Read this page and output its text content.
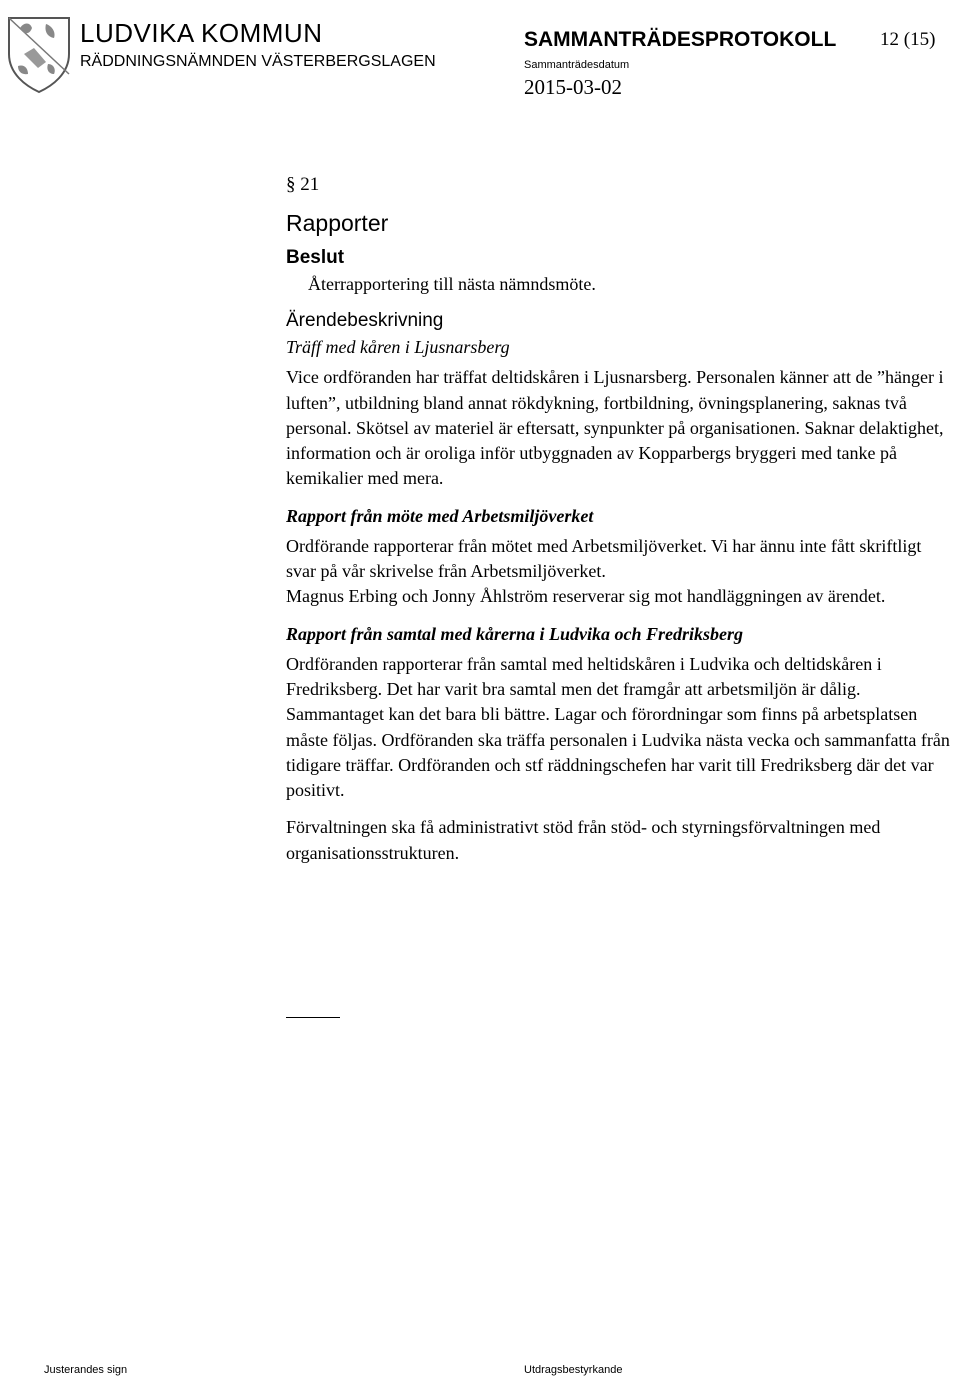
LUDVIKA KOMMUN
RÄDDNINGSNÄMNDEN VÄSTERBERGSLAGEN
SAMMANTRÄDESPROTOKOLL 12 (15)
Sammanträdesdatum
2015-03-02
§ 21
Rapporter
Beslut

Återrapportering till nästa nämndsmöte.

Ärendebeskrivning
Träff med kåren i Ljusnarsberg

Vice ordföranden har träffat deltidskåren i Ljusnarsberg. Personalen känner att de ”hänger i luften”, utbildning bland annat rökdykning, fortbildning, övningsplanering, saknas två personal. Skötsel av materiel är eftersatt, synpunkter på organisationen. Saknar delaktighet, information och är oroliga inför utbyggnaden av Kopparbergs bryggeri med tanke på kemikalier med mera.

Rapport från möte med Arbetsmiljöverket

Ordförande rapporterar från mötet med Arbetsmiljöverket. Vi har ännu inte fått skriftligt svar på vår skrivelse från Arbetsmiljöverket.

Magnus Erbing och Jonny Åhlström reserverar sig mot handläggningen av ärendet.

Rapport från samtal med kårerna i Ludvika och Fredriksberg

Ordföranden rapporterar från samtal med heltidskåren i Ludvika och deltidskåren i Fredriksberg. Det har varit bra samtal men det framgår att arbetsmiljön är dålig. Sammantaget kan det bara bli bättre. Lagar och förordningar som finns på arbetsplatsen måste följas. Ordföranden ska träffa personalen i Ludvika nästa vecka och sammanfatta från tidigare träffar. Ordföranden och stf räddningschefen har varit till Fredriksberg där det var positivt.

Förvaltningen ska få administrativt stöd från stöd- och styrningsförvaltningen med organisationsstrukturen.

Justerandes sign	Utdragsbestyrkande
